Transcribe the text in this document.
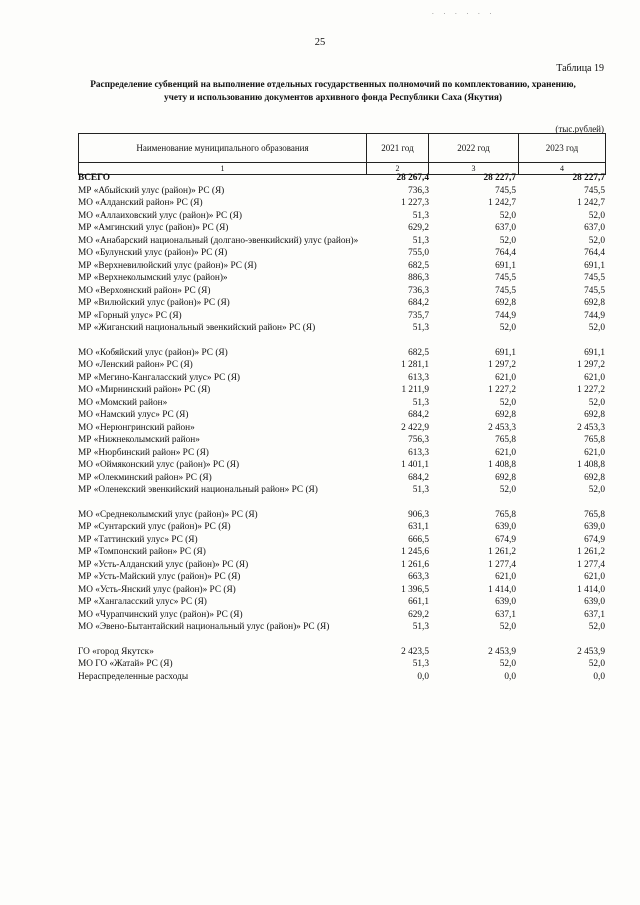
. . . . . .
25
Таблица 19
Распределение субвенций на выполнение отдельных государственных полномочий по комплектованию, хранению, учету и использованию документов архивного фонда Республики Саха (Якутия)
(тыс.рублей)
Наименование муниципального образования	2021 год	2022 год	2023 год
1	2	3	4
ВСЕГО	28 267,4	28 227,7	28 227,7
МР «Абыйский улус (район)» РС (Я)	736,3	745,5	745,5
МО «Алданский район» РС (Я)	1 227,3	1 242,7	1 242,7
МО «Аллаиховский улус (район)» РС (Я)	51,3	52,0	52,0
МР «Амгинский улус (район)» РС (Я)	629,2	637,0	637,0
МО «Анабарский национальный (долгано-эвенкийский) улус (район)»	51,3	52,0	52,0
МО «Булунский улус (район)» РС (Я)	755,0	764,4	764,4
МР «Верхневилюйский улус (район)» РС (Я)	682,5	691,1	691,1
МР «Верхнеколымский улус (район)»	886,3	745,5	745,5
МО «Верхоянский район» РС (Я)	736,3	745,5	745,5
МР «Вилюйский улус (район)» РС (Я)	684,2	692,8	692,8
МР «Горный улус» РС (Я)	735,7	744,9	744,9
МР «Жиганский национальный эвенкийский район» РС (Я)	51,3	52,0	52,0
МО «Кобяйский улус (район)» РС (Я)	682,5	691,1	691,1
МО «Ленский район» РС (Я)	1 281,1	1 297,2	1 297,2
МР «Мегино-Кангаласский улус» РС (Я)	613,3	621,0	621,0
МО «Мирнинский район» РС (Я)	1 211,9	1 227,2	1 227,2
МО «Момский район»	51,3	52,0	52,0
МО «Намский улус» РС (Я)	684,2	692,8	692,8
МО «Нерюнгринский район»	2 422,9	2 453,3	2 453,3
МР «Нижнеколымский район»	756,3	765,8	765,8
МР «Нюрбинский район» РС (Я)	613,3	621,0	621,0
МО «Оймяконский улус (район)» РС (Я)	1 401,1	1 408,8	1 408,8
МР «Олекминский район» РС (Я)	684,2	692,8	692,8
МР «Оленекский эвенкийский национальный район» РС (Я)	51,3	52,0	52,0
МО «Среднеколымский улус (район)» РС (Я)	906,3	765,8	765,8
МР «Сунтарский улус (район)» РС (Я)	631,1	639,0	639,0
МР «Таттинский улус» РС (Я)	666,5	674,9	674,9
МР «Томпонский район» РС (Я)	1 245,6	1 261,2	1 261,2
МР «Усть-Алданский улус (район)» РС (Я)	1 261,6	1 277,4	1 277,4
МР «Усть-Майский улус (район)» РС (Я)	663,3	621,0	621,0
МО «Усть-Янский улус (район)» РС (Я)	1 396,5	1 414,0	1 414,0
МР «Хангаласский улус» РС (Я)	661,1	639,0	639,0
МО «Чурапчинский улус (район)» РС (Я)	629,2	637,1	637,1
МО «Эвено-Бытантайский национальный улус (район)» РС (Я)	51,3	52,0	52,0
ГО «город Якутск»	2 423,5	2 453,9	2 453,9
МО ГО «Жатай» РС (Я)	51,3	52,0	52,0
Нераспределенные расходы	0,0	0,0	0,0
